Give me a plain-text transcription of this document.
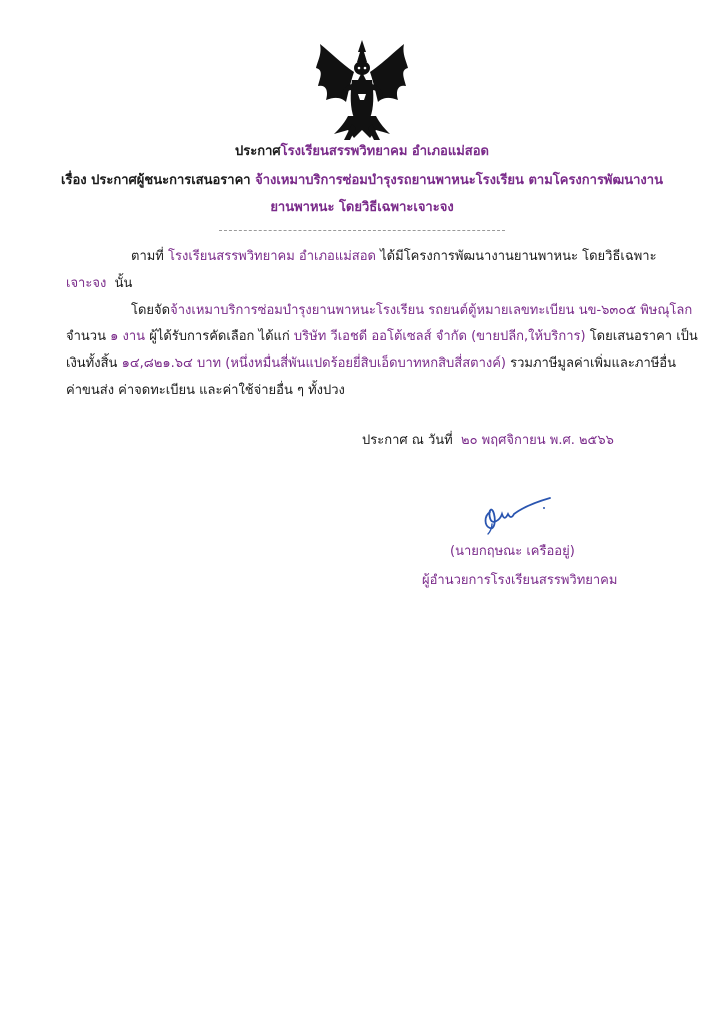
ประกาศโรงเรียนสรรพวิทยาคม อำเภอแม่สอด
เรื่อง ประกาศผู้ชนะการเสนอราคา จ้างเหมาบริการซ่อมบำรุงรถยานพาหนะโรงเรียน ตามโครงการพัฒนางาน
ยานพาหนะ โดยวิธีเฉพาะเจาะจง
ตามที่ โรงเรียนสรรพวิทยาคม อำเภอแม่สอด ได้มีโครงการพัฒนางานยานพาหนะ โดยวิธีเฉพาะ
เจาะจง นั้น
โดยจัดจ้างเหมาบริการซ่อมบำรุงยานพาหนะโรงเรียน รถยนต์ตู้หมายเลขทะเบียน นข-๖๓๐๕ พิษณุโลก
จำนวน ๑ งาน ผู้ได้รับการคัดเลือก ได้แก่ บริษัท วีเอชดี ออโต้เซลส์ จำกัด (ขายปลีก,ให้บริการ) โดยเสนอราคา เป็น
เงินทั้งสิ้น ๑๔,๘๒๑.๖๔ บาท (หนึ่งหมื่นสี่พันแปดร้อยยี่สิบเอ็ดบาทหกสิบสี่สตางค์) รวมภาษีมูลค่าเพิ่มและภาษีอื่น
ค่าขนส่ง ค่าจดทะเบียน และค่าใช้จ่ายอื่น ๆ ทั้งปวง
ประกาศ ณ วันที่ ๒๐ พฤศจิกายน พ.ศ. ๒๕๖๖
(นายกฤษณะ เครืออยู่)
ผู้อำนวยการโรงเรียนสรรพวิทยาคม
